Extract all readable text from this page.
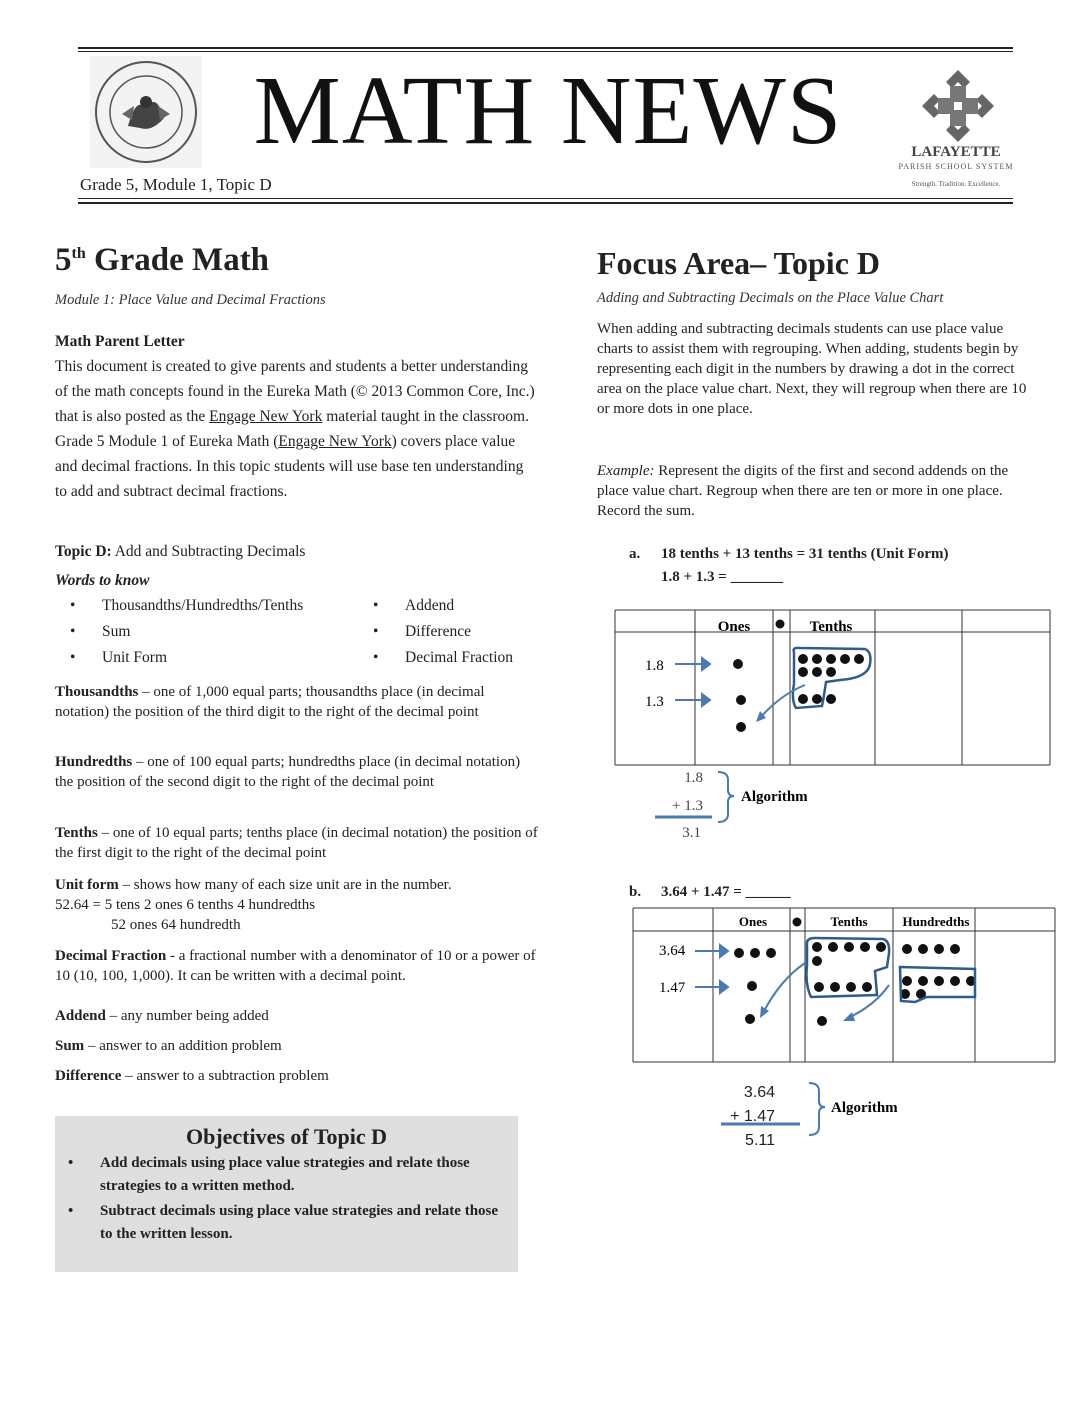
MATH NEWS
Grade 5, Module 1, Topic D
LAFAYETTE
PARISH SCHOOL SYSTEM
Strength. Tradition. Excellence.
5th Grade Math
Module 1: Place Value and Decimal Fractions
Math Parent Letter
This document is created to give parents and students a better understanding of the math concepts found in the Eureka Math (© 2013 Common Core, Inc.) that is also posted as the Engage New York material taught in the classroom. Grade 5 Module 1 of Eureka Math (Engage New York) covers place value and decimal fractions. In this topic students will use base ten understanding to add and subtract decimal fractions.
Topic D: Add and Subtracting Decimals
Words to know
• Thousandths/Hundredths/Tenths
• Sum
• Unit Form
• Addend
• Difference
• Decimal Fraction
Thousandths – one of 1,000 equal parts; thousandths place (in decimal notation) the position of the third digit to the right of the decimal point
Hundredths – one of 100 equal parts; hundredths place (in decimal notation) the position of the second digit to the right of the decimal point
Tenths – one of 10 equal parts; tenths place (in decimal notation) the position of the first digit to the right of the decimal point
Unit form – shows how many of each size unit are in the number.
52.64 = 5 tens 2 ones 6 tenths 4 hundredths
52 ones 64 hundredth
Decimal Fraction - a fractional number with a denominator of 10 or a power of 10 (10, 100, 1,000). It can be written with a decimal point.
Addend – any number being added
Sum – answer to an addition problem
Difference – answer to a subtraction problem
Objectives of Topic D
• Add decimals using place value strategies and relate those strategies to a written method.
• Subtract decimals using place value strategies and relate those to the written lesson.
Focus Area– Topic D
Adding and Subtracting Decimals on the Place Value Chart
When adding and subtracting decimals students can use place value charts to assist them with regrouping. When adding, students begin by representing each digit in the numbers by drawing a dot in the correct area on the place value chart. Next, they will regroup when there are 10 or more dots in one place.
Example: Represent the digits of the first and second addends on the place value chart. Regroup when there are ten or more in one place. Record the sum.
a. 18 tenths + 13 tenths = 31 tenths (Unit Form)
1.8 + 1.3 = _______
Ones	Tenths
1.8
1.3
1.8
+ 1.3
3.1
Algorithm
b. 3.64 + 1.47 = ______
Ones	Tenths	Hundredths
3.64
1.47
3.64
+ 1.47
5.11
Algorithm
